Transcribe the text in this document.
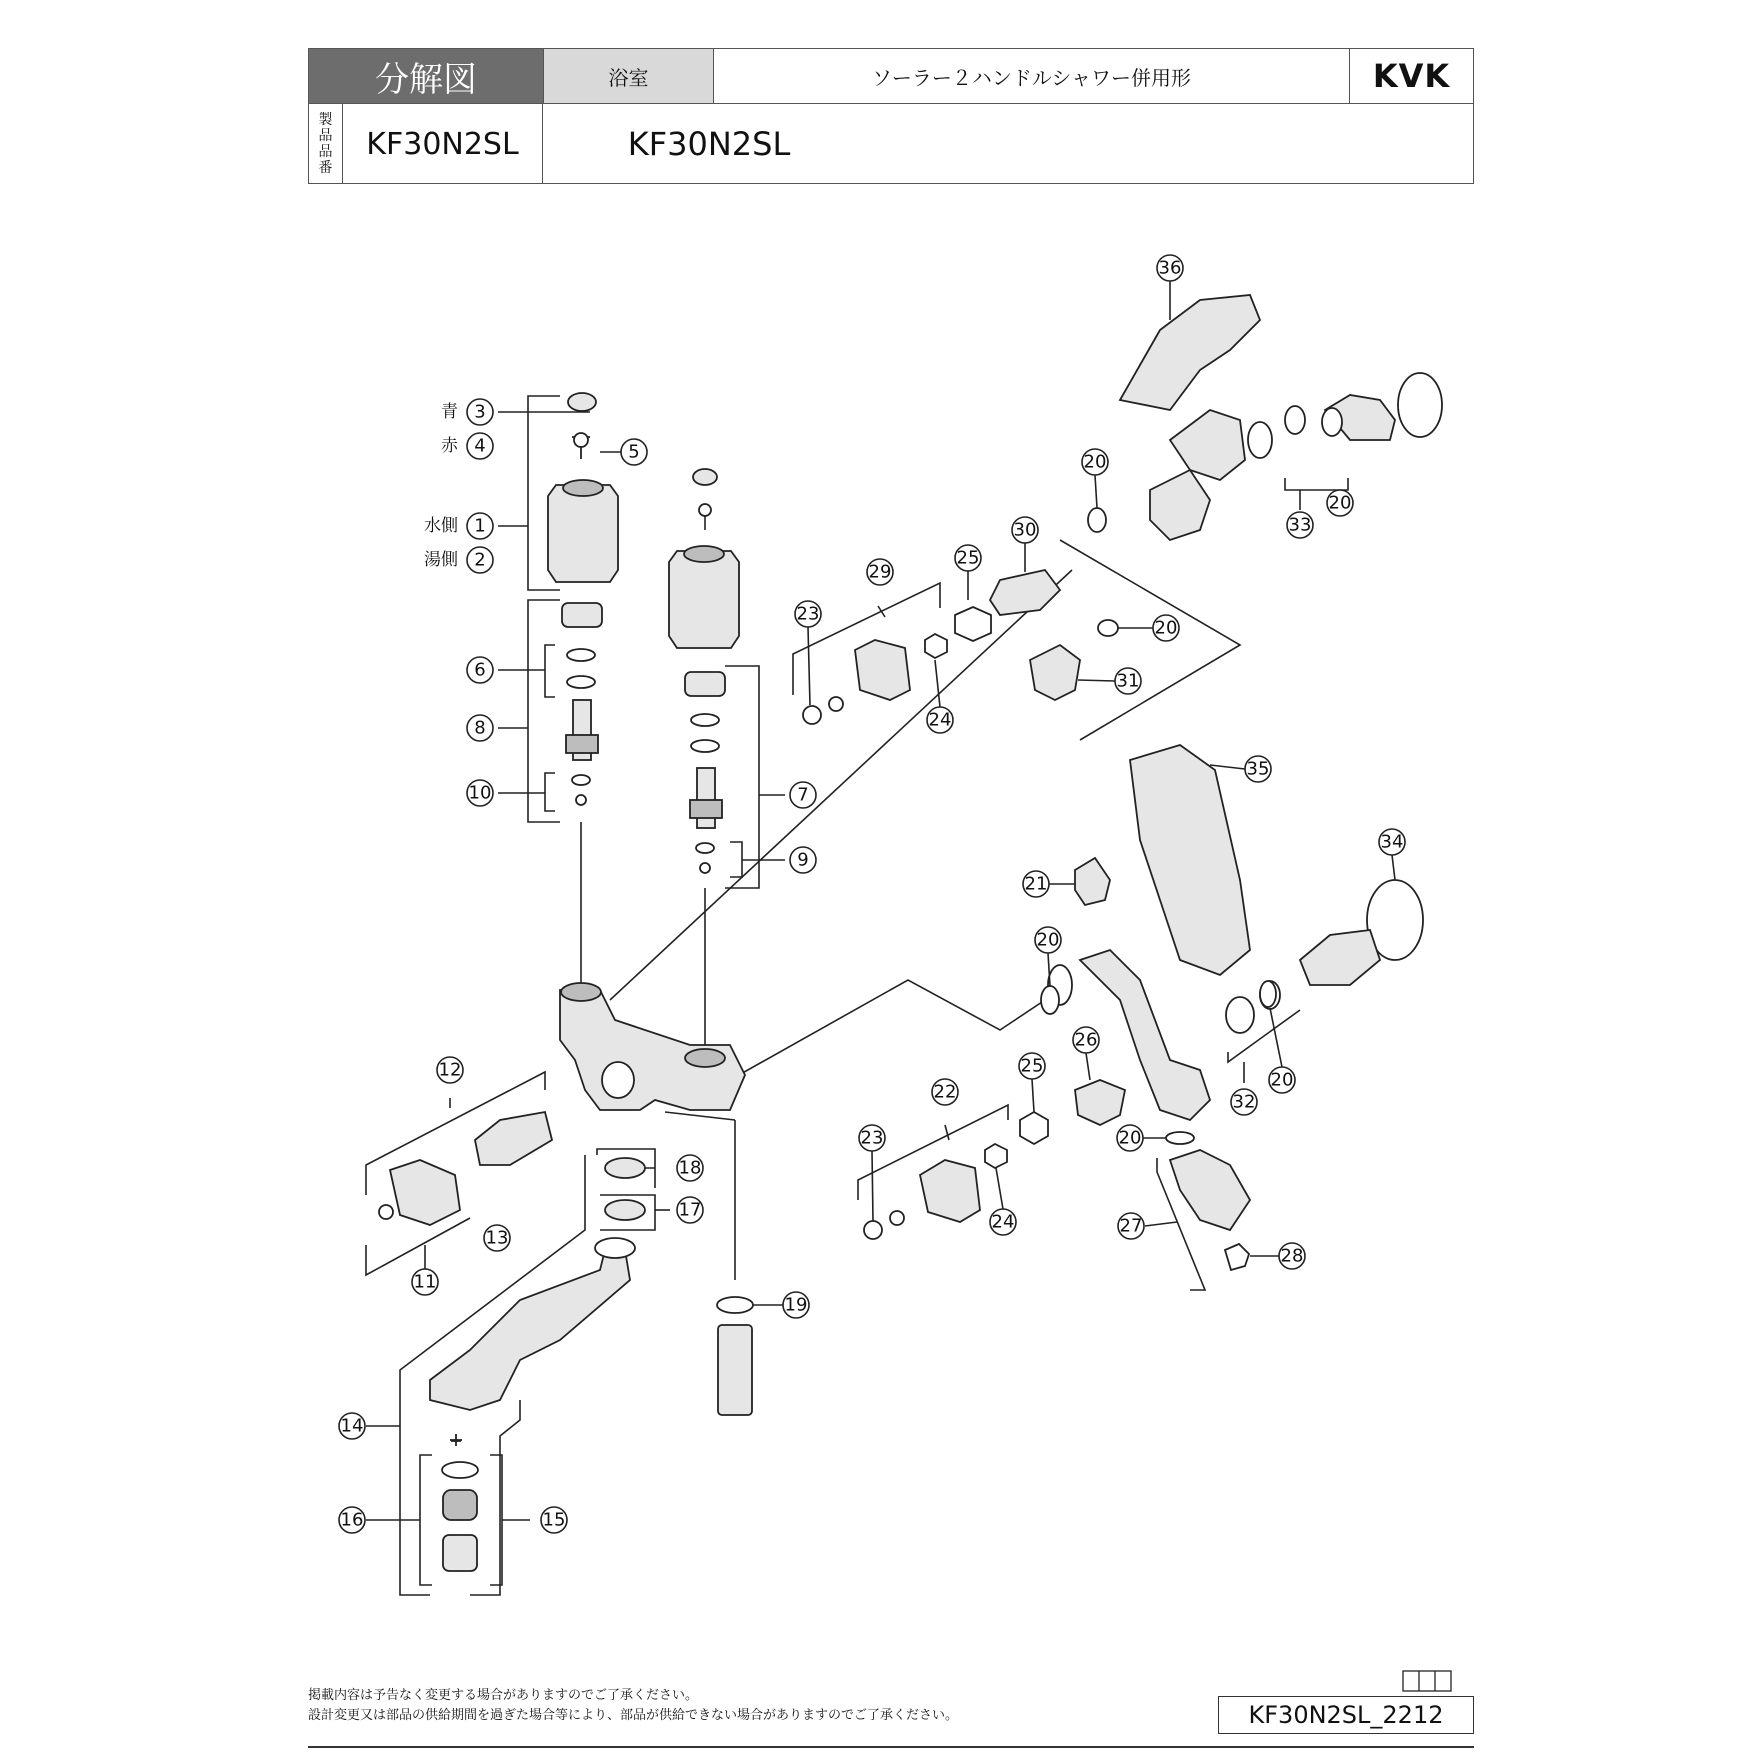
分解図	浴室	ソーラー２ハンドルシャワー併用形	KVK
製
品
品
番
KF30N2SL	KF30N2SL
青 3
赤 4	5
水側 1
湯側 2
6
8
10	7
9
12
13
11
18
17
19
14
16	15
36
20
33
20
30
25
29
23
24
20
31
35
34
21
20
32
20
26
25
22
23
24
20
27
28
掲載内容は予告なく変更する場合がありますのでご了承ください。
設計変更又は部品の供給期間を過ぎた場合等により、部品が供給できない場合がありますのでご了承ください。	KF30N2SL_2212
